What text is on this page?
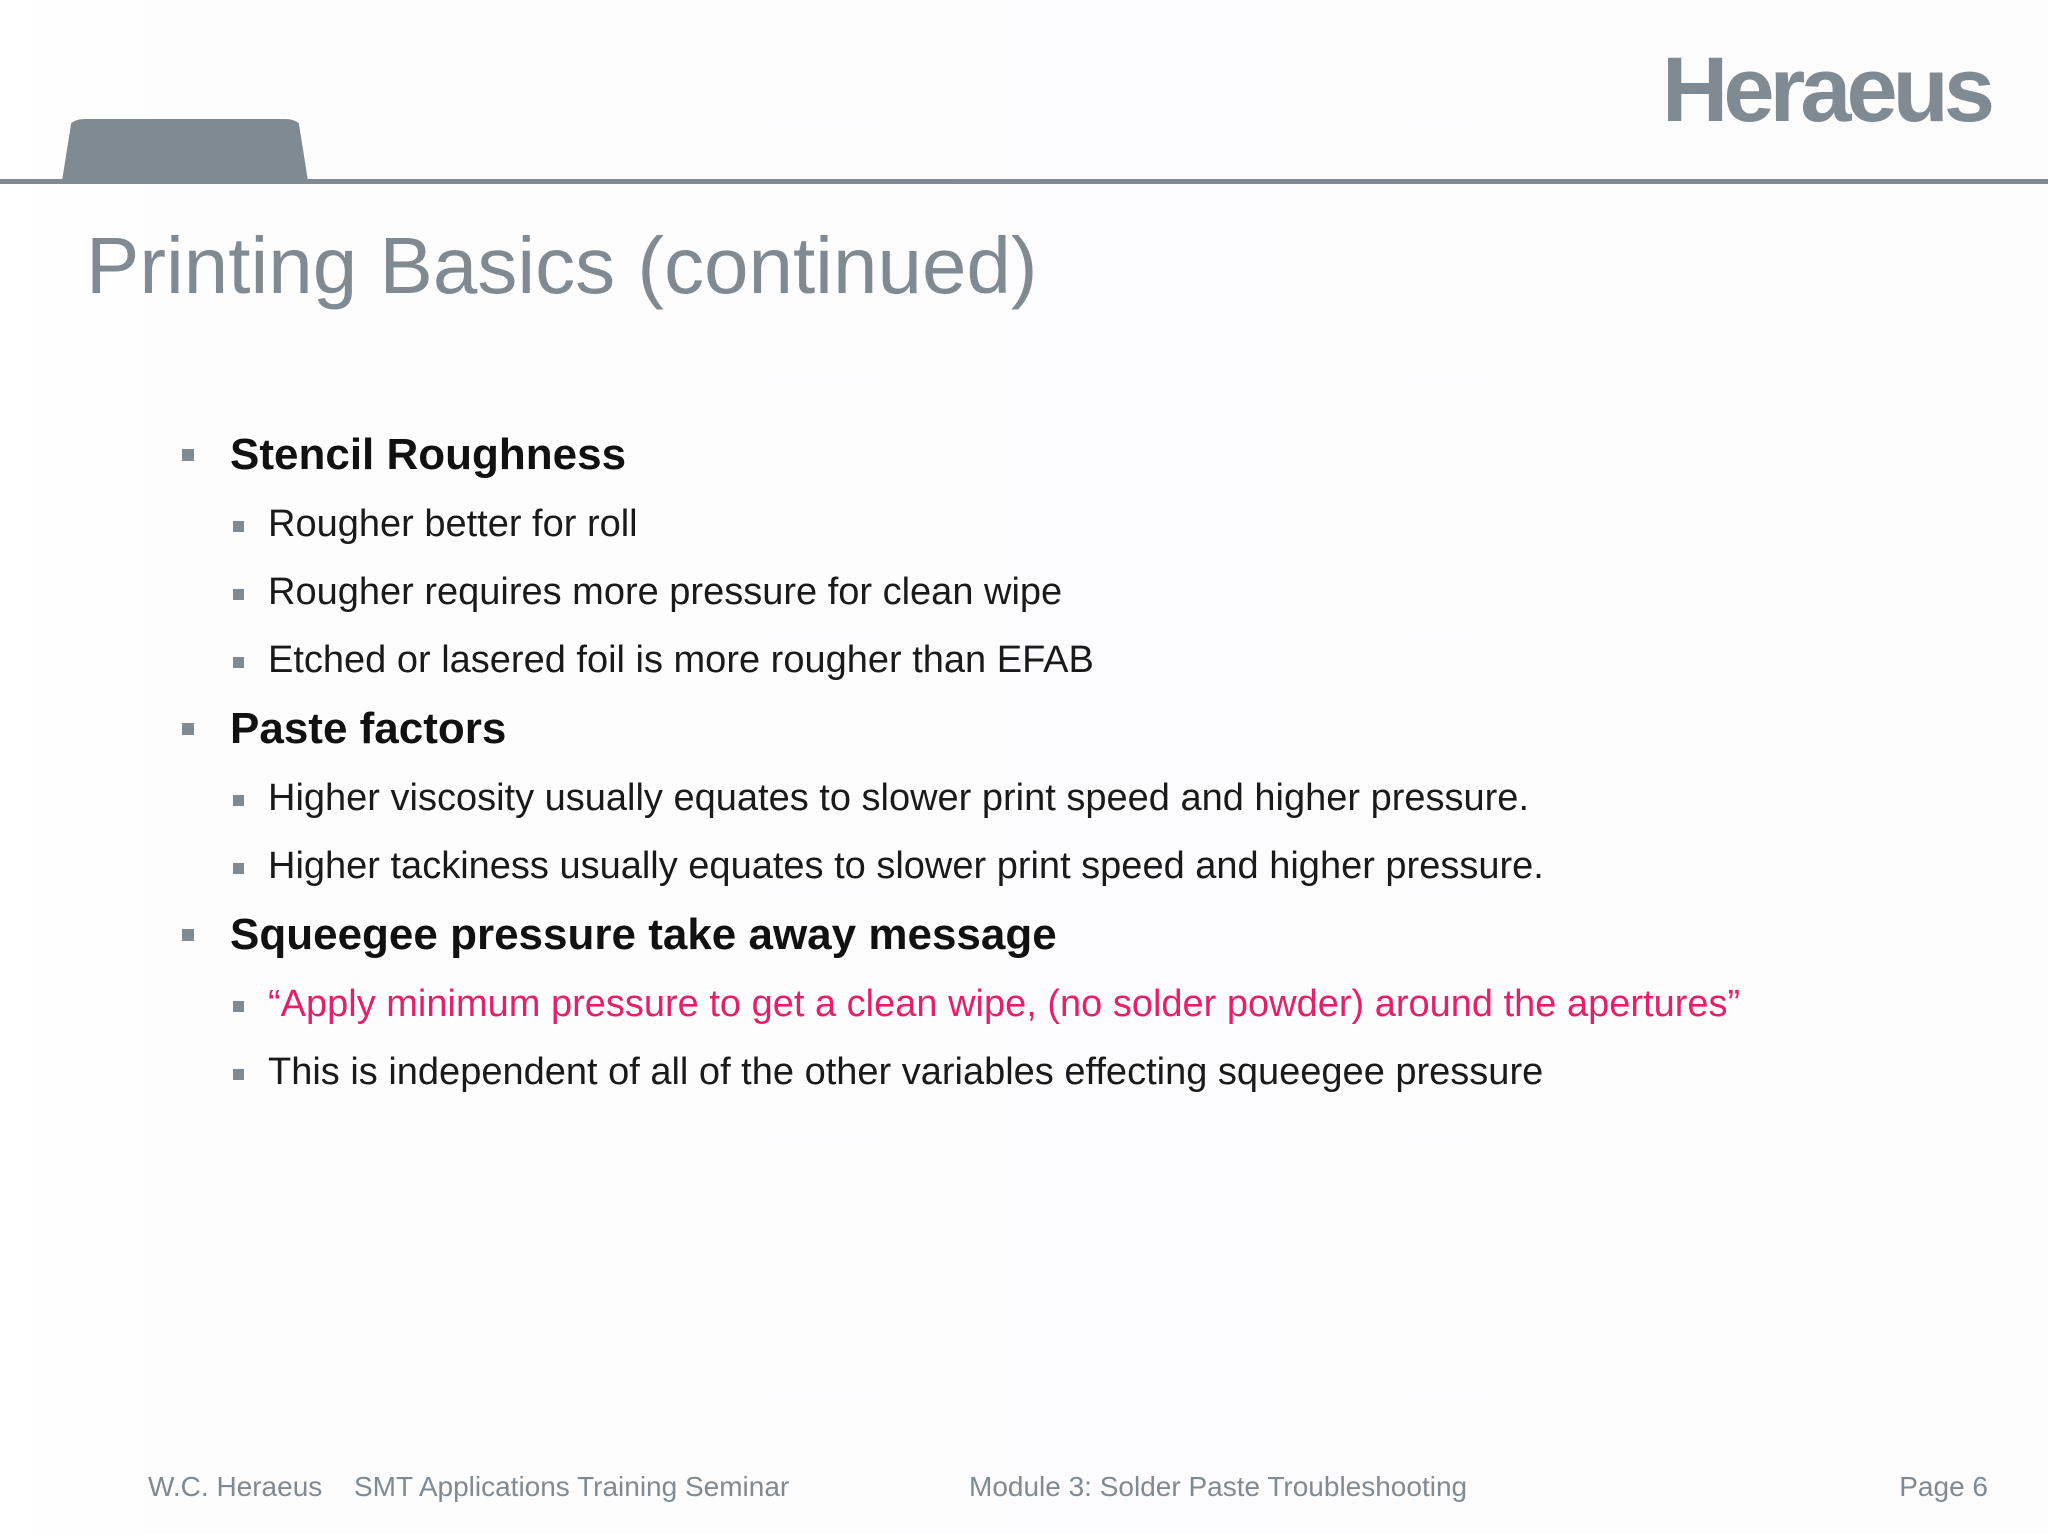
Heraeus
Printing Basics (continued)
Stencil Roughness
Rougher better for roll
Rougher requires more pressure for clean wipe
Etched or lasered foil is more rougher than EFAB
Paste factors
Higher viscosity usually equates to slower print speed and higher pressure.
Higher tackiness usually equates to slower print speed and higher pressure.
Squeegee pressure take away message
“Apply minimum pressure to get a clean wipe, (no solder powder) around the apertures”
This is independent of all of the other variables effecting squeegee pressure
W.C. Heraeus SMT Applications Training Seminar	Module 3: Solder Paste Troubleshooting	Page 6
